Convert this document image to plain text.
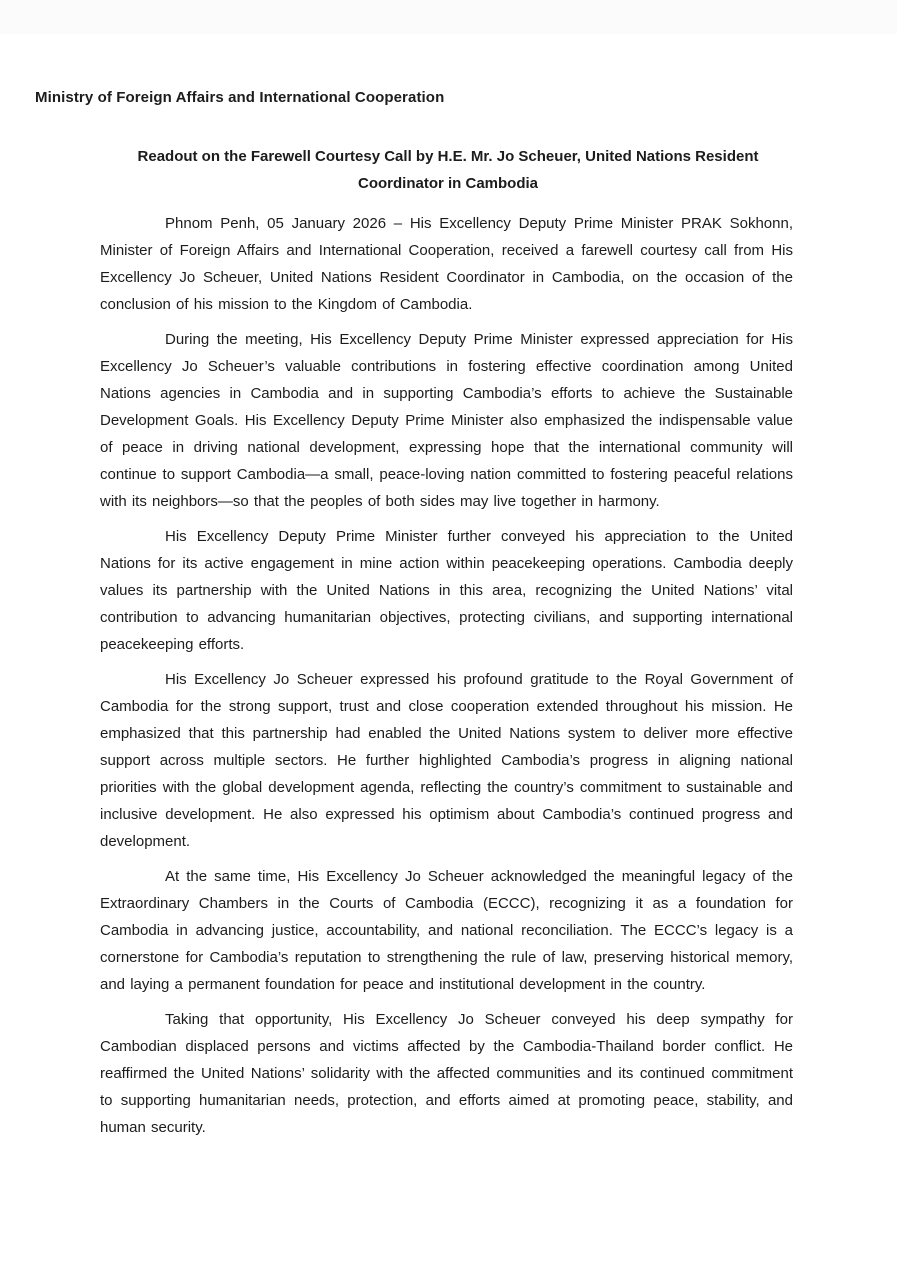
Ministry of Foreign Affairs and International Cooperation
Readout on the Farewell Courtesy Call by H.E. Mr. Jo Scheuer, United Nations Resident Coordinator in Cambodia

Phnom Penh, 05 January 2026 – His Excellency Deputy Prime Minister PRAK Sokhonn, Minister of Foreign Affairs and International Cooperation, received a farewell courtesy call from His Excellency Jo Scheuer, United Nations Resident Coordinator in Cambodia, on the occasion of the conclusion of his mission to the Kingdom of Cambodia.

During the meeting, His Excellency Deputy Prime Minister expressed appreciation for His Excellency Jo Scheuer’s valuable contributions in fostering effective coordination among United Nations agencies in Cambodia and in supporting Cambodia’s efforts to achieve the Sustainable Development Goals. His Excellency Deputy Prime Minister also emphasized the indispensable value of peace in driving national development, expressing hope that the international community will continue to support Cambodia—a small, peace-loving nation committed to fostering peaceful relations with its neighbors—so that the peoples of both sides may live together in harmony.

His Excellency Deputy Prime Minister further conveyed his appreciation to the United Nations for its active engagement in mine action within peacekeeping operations. Cambodia deeply values its partnership with the United Nations in this area, recognizing the United Nations’ vital contribution to advancing humanitarian objectives, protecting civilians, and supporting international peacekeeping efforts.

His Excellency Jo Scheuer expressed his profound gratitude to the Royal Government of Cambodia for the strong support, trust and close cooperation extended throughout his mission. He emphasized that this partnership had enabled the United Nations system to deliver more effective support across multiple sectors. He further highlighted Cambodia’s progress in aligning national priorities with the global development agenda, reflecting the country’s commitment to sustainable and inclusive development. He also expressed his optimism about Cambodia’s continued progress and development.

At the same time, His Excellency Jo Scheuer acknowledged the meaningful legacy of the Extraordinary Chambers in the Courts of Cambodia (ECCC), recognizing it as a foundation for Cambodia in advancing justice, accountability, and national reconciliation. The ECCC’s legacy is a cornerstone for Cambodia’s reputation to strengthening the rule of law, preserving historical memory, and laying a permanent foundation for peace and institutional development in the country.

Taking that opportunity, His Excellency Jo Scheuer conveyed his deep sympathy for Cambodian displaced persons and victims affected by the Cambodia-Thailand border conflict. He reaffirmed the United Nations’ solidarity with the affected communities and its continued commitment to supporting humanitarian needs, protection, and efforts aimed at promoting peace, stability, and human security.
